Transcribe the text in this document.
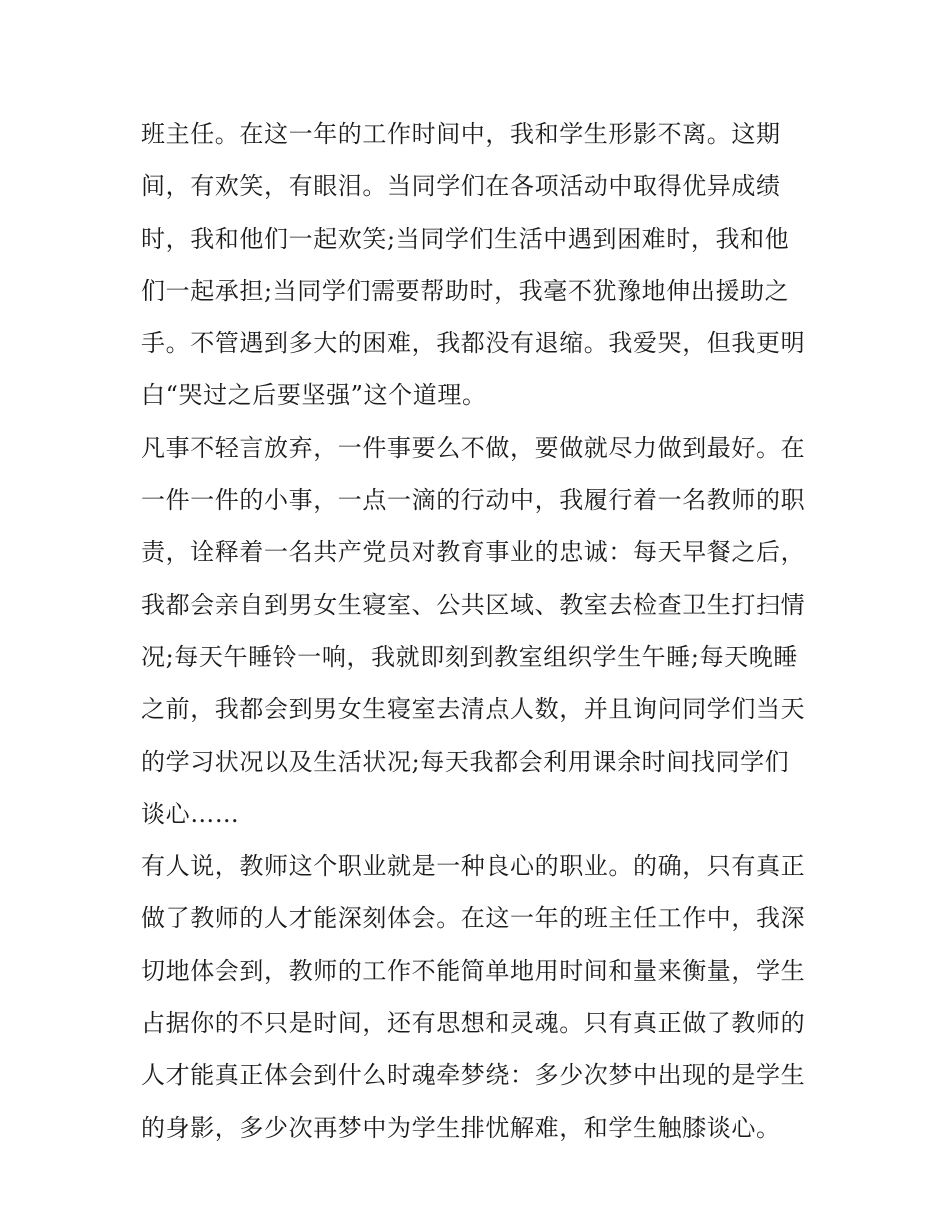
班主任。在这一年的工作时间中，我和学生形影不离。这期
间，有欢笑，有眼泪。当同学们在各项活动中取得优异成绩
时，我和他们一起欢笑;当同学们生活中遇到困难时，我和他
们一起承担;当同学们需要帮助时，我毫不犹豫地伸出援助之
手。不管遇到多大的困难，我都没有退缩。我爱哭，但我更明
白“哭过之后要坚强”这个道理。
凡事不轻言放弃，一件事要么不做，要做就尽力做到最好。在
一件一件的小事，一点一滴的行动中，我履行着一名教师的职
责，诠释着一名共产党员对教育事业的忠诚：每天早餐之后，
我都会亲自到男女生寝室、公共区域、教室去检查卫生打扫情
况;每天午睡铃一响，我就即刻到教室组织学生午睡;每天晚睡
之前，我都会到男女生寝室去清点人数，并且询问同学们当天
的学习状况以及生活状况;每天我都会利用课余时间找同学们
谈心……
有人说，教师这个职业就是一种良心的职业。的确，只有真正
做了教师的人才能深刻体会。在这一年的班主任工作中，我深
切地体会到，教师的工作不能简单地用时间和量来衡量，学生
占据你的不只是时间，还有思想和灵魂。只有真正做了教师的
人才能真正体会到什么时魂牵梦绕：多少次梦中出现的是学生
的身影，多少次再梦中为学生排忧解难，和学生触膝谈心。
